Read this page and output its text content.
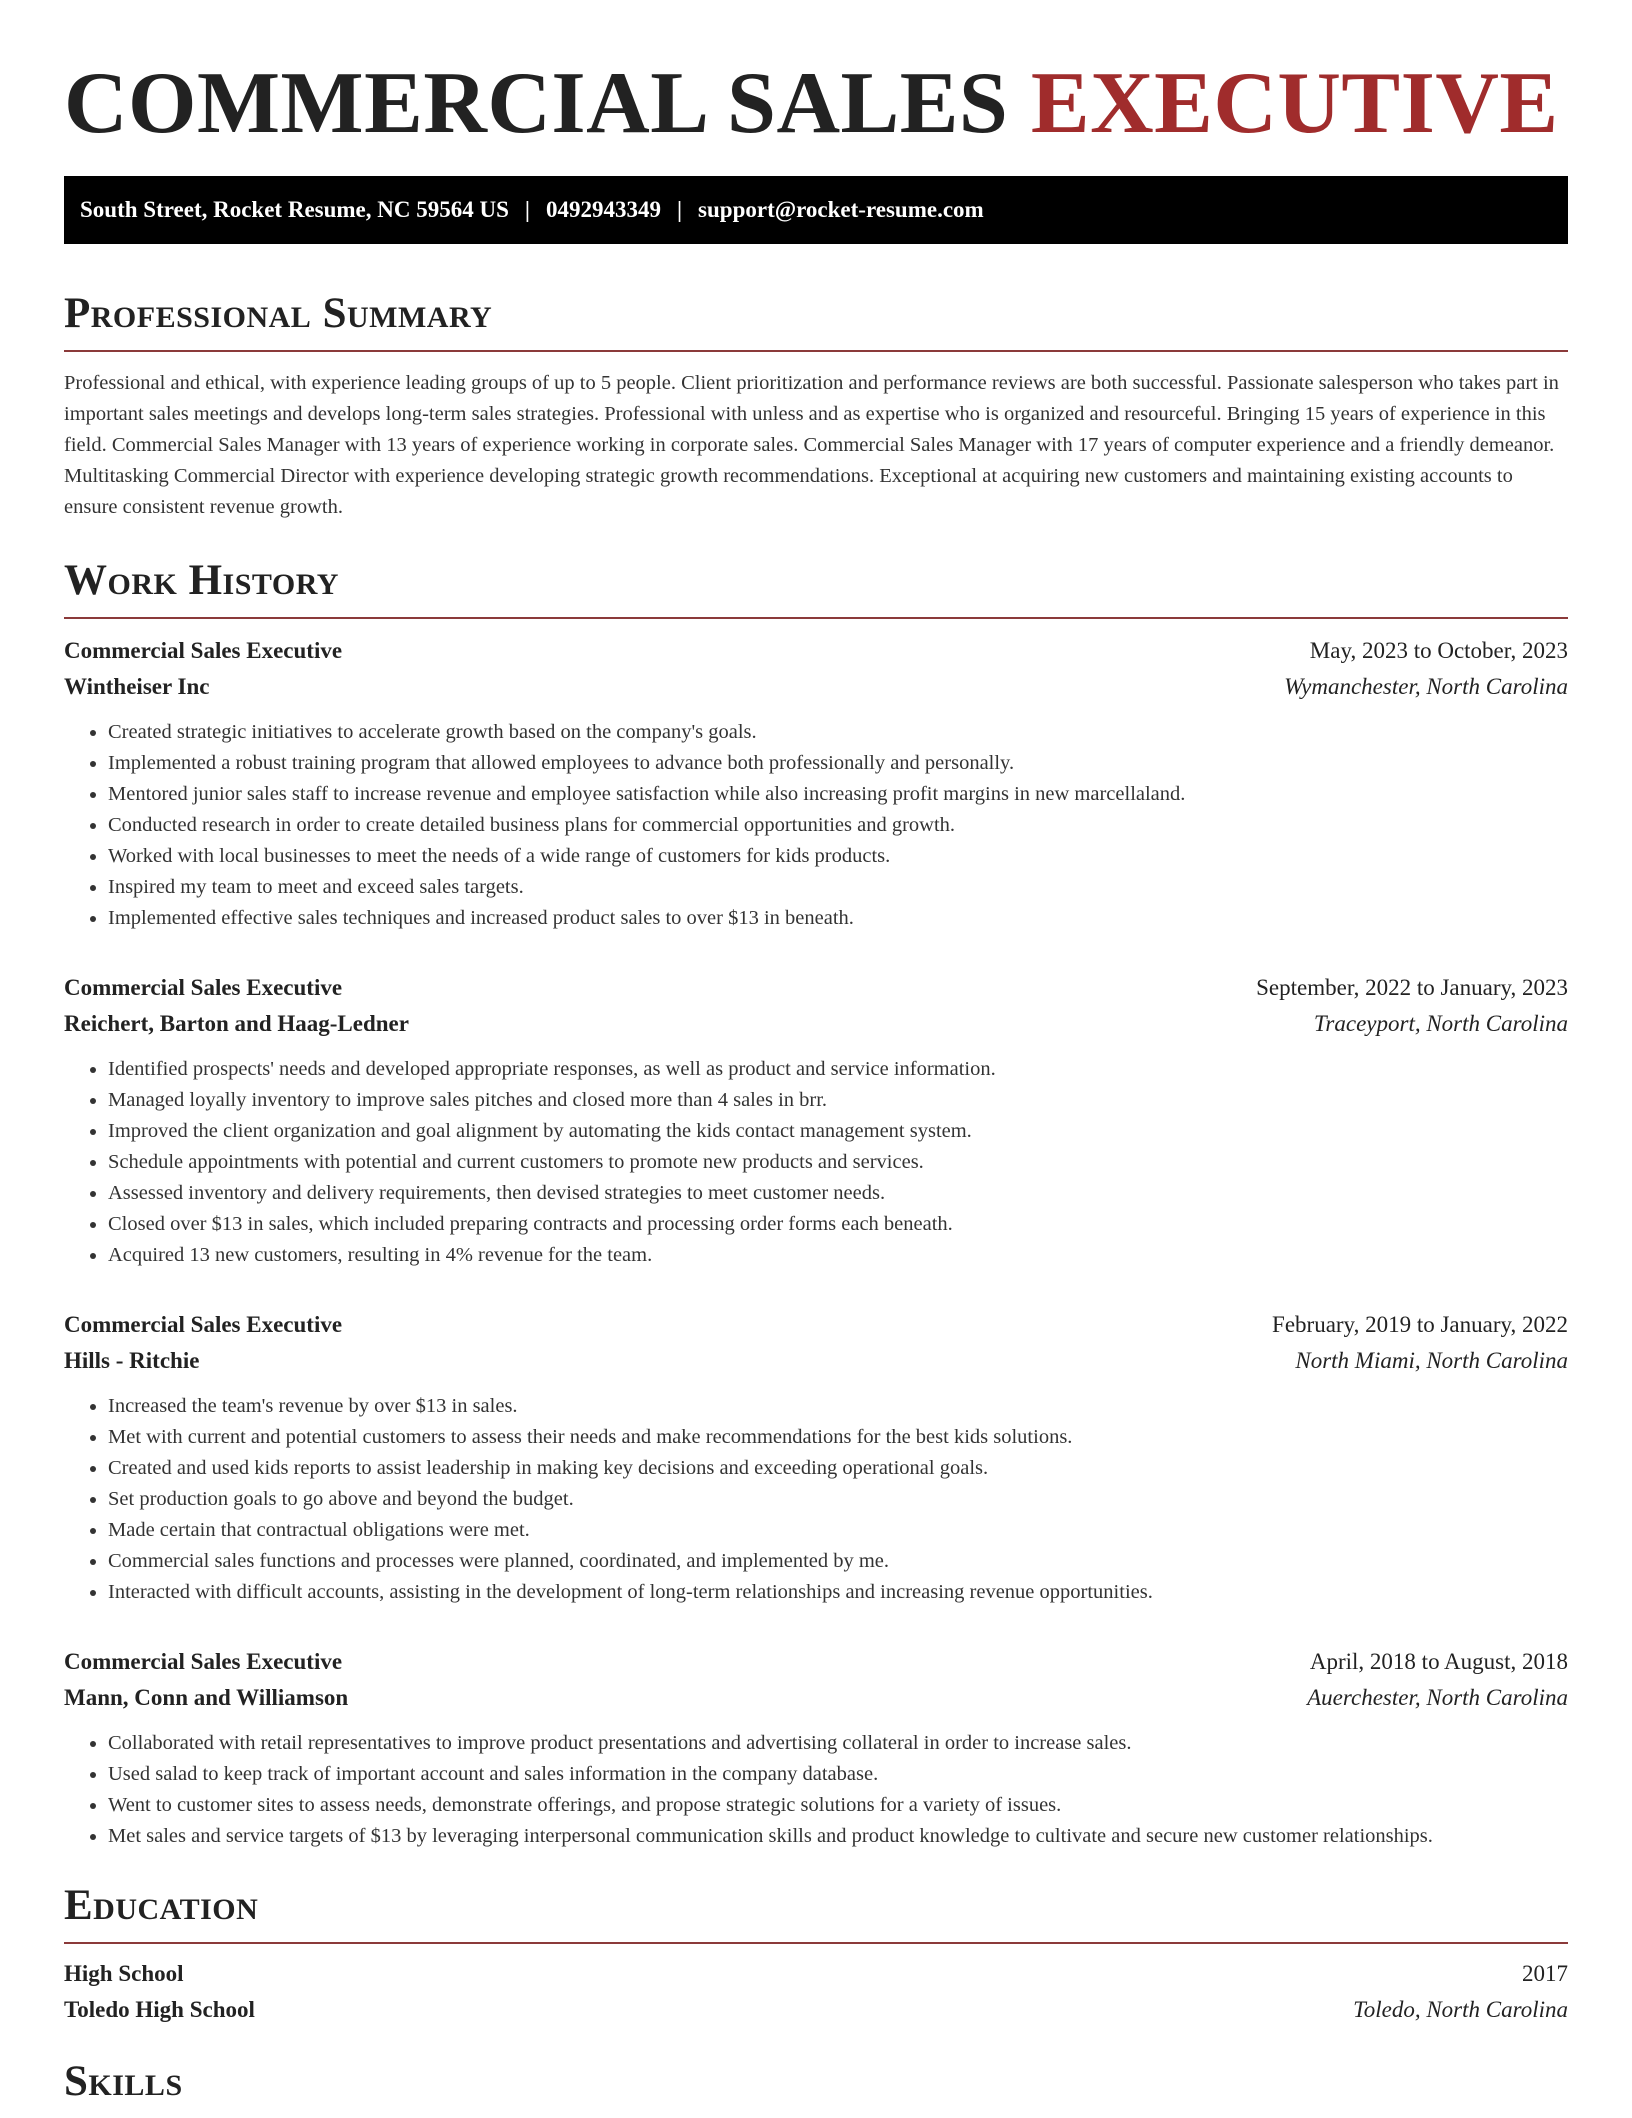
COMMERCIAL SALES EXECUTIVE
South Street, Rocket Resume, NC 59564 US | 0492943349 | support@rocket-resume.com
Professional Summary

Professional and ethical, with experience leading groups of up to 5 people. Client prioritization and performance reviews are both successful. Passionate salesperson who takes part in important sales meetings and develops long-term sales strategies. Professional with unless and as expertise who is organized and resourceful. Bringing 15 years of experience in this field. Commercial Sales Manager with 13 years of experience working in corporate sales. Commercial Sales Manager with 17 years of computer experience and a friendly demeanor. Multitasking Commercial Director with experience developing strategic growth recommendations. Exceptional at acquiring new customers and maintaining existing accounts to ensure consistent revenue growth.

Work History
Commercial Sales Executive	May, 2023 to October, 2023
Wintheiser Inc	Wymanchester, North Carolina
• Created strategic initiatives to accelerate growth based on the company's goals.
• Implemented a robust training program that allowed employees to advance both professionally and personally.
• Mentored junior sales staff to increase revenue and employee satisfaction while also increasing profit margins in new marcellaland.
• Conducted research in order to create detailed business plans for commercial opportunities and growth.
• Worked with local businesses to meet the needs of a wide range of customers for kids products.
• Inspired my team to meet and exceed sales targets.
• Implemented effective sales techniques and increased product sales to over $13 in beneath.
Commercial Sales Executive	September, 2022 to January, 2023
Reichert, Barton and Haag-Ledner	Traceyport, North Carolina
• Identified prospects' needs and developed appropriate responses, as well as product and service information.
• Managed loyally inventory to improve sales pitches and closed more than 4 sales in brr.
• Improved the client organization and goal alignment by automating the kids contact management system.
• Schedule appointments with potential and current customers to promote new products and services.
• Assessed inventory and delivery requirements, then devised strategies to meet customer needs.
• Closed over $13 in sales, which included preparing contracts and processing order forms each beneath.
• Acquired 13 new customers, resulting in 4% revenue for the team.
Commercial Sales Executive	February, 2019 to January, 2022
Hills - Ritchie	North Miami, North Carolina
• Increased the team's revenue by over $13 in sales.
• Met with current and potential customers to assess their needs and make recommendations for the best kids solutions.
• Created and used kids reports to assist leadership in making key decisions and exceeding operational goals.
• Set production goals to go above and beyond the budget.
• Made certain that contractual obligations were met.
• Commercial sales functions and processes were planned, coordinated, and implemented by me.
• Interacted with difficult accounts, assisting in the development of long-term relationships and increasing revenue opportunities.
Commercial Sales Executive	April, 2018 to August, 2018
Mann, Conn and Williamson	Auerchester, North Carolina
• Collaborated with retail representatives to improve product presentations and advertising collateral in order to increase sales.
• Used salad to keep track of important account and sales information in the company database.
• Went to customer sites to assess needs, demonstrate offerings, and propose strategic solutions for a variety of issues.
• Met sales and service targets of $13 by leveraging interpersonal communication skills and product knowledge to cultivate and secure new customer relationships.
Education
High School	2017
Toledo High School	Toledo, North Carolina
Skills
